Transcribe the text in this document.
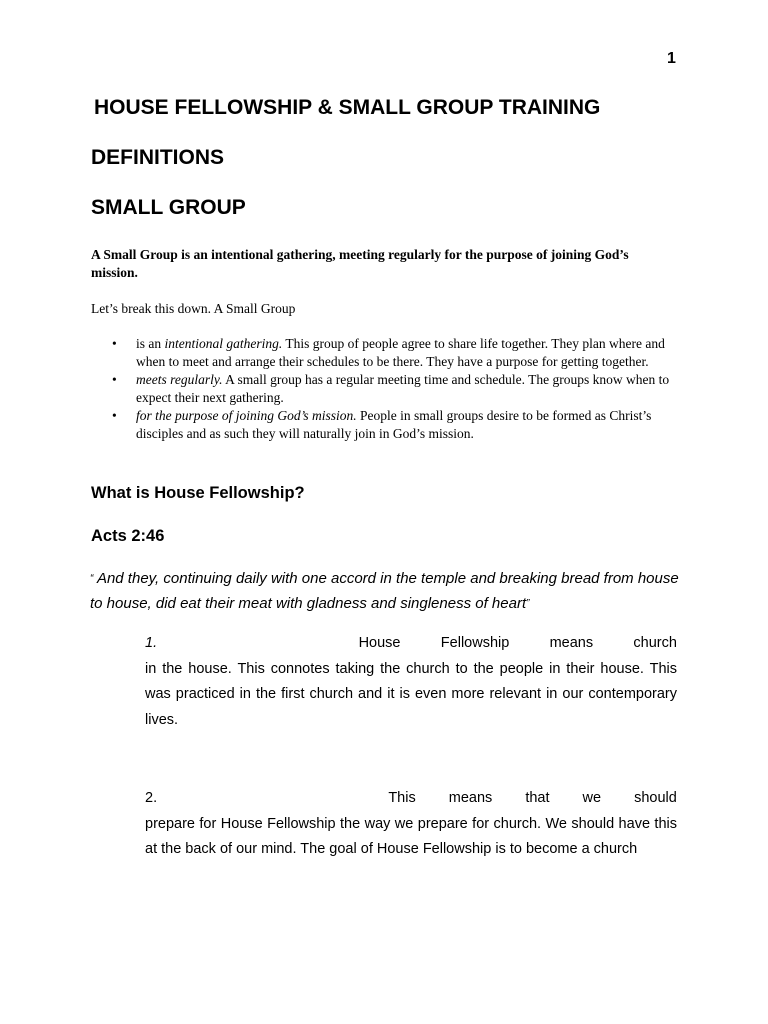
1
HOUSE FELLOWSHIP & SMALL GROUP TRAINING
DEFINITIONS
SMALL GROUP
A Small Group is an intentional gathering, meeting regularly for the purpose of joining God’s mission.
Let’s break this down. A Small Group
• is an intentional gathering. This group of people agree to share life together. They plan where and when to meet and arrange their schedules to be there. They have a purpose for getting together.
• meets regularly. A small group has a regular meeting time and schedule. The groups know when to expect their next gathering.
• for the purpose of joining God’s mission. People in small groups desire to be formed as Christ’s disciples and as such they will naturally join in God’s mission.
What is House Fellowship?
Acts 2:46
“ And they, continuing daily with one accord in the temple and breaking bread from house to house, did eat their meat with gladness and singleness of heart”
1.	House	Fellowship	means	church
in the house. This connotes taking the church to the people in their house. This was practiced in the first church and it is even more relevant in our contemporary lives.
2.	This means that we should
prepare for House Fellowship the way we prepare for church. We should have this at the back of our mind. The goal of House Fellowship is to become a church
